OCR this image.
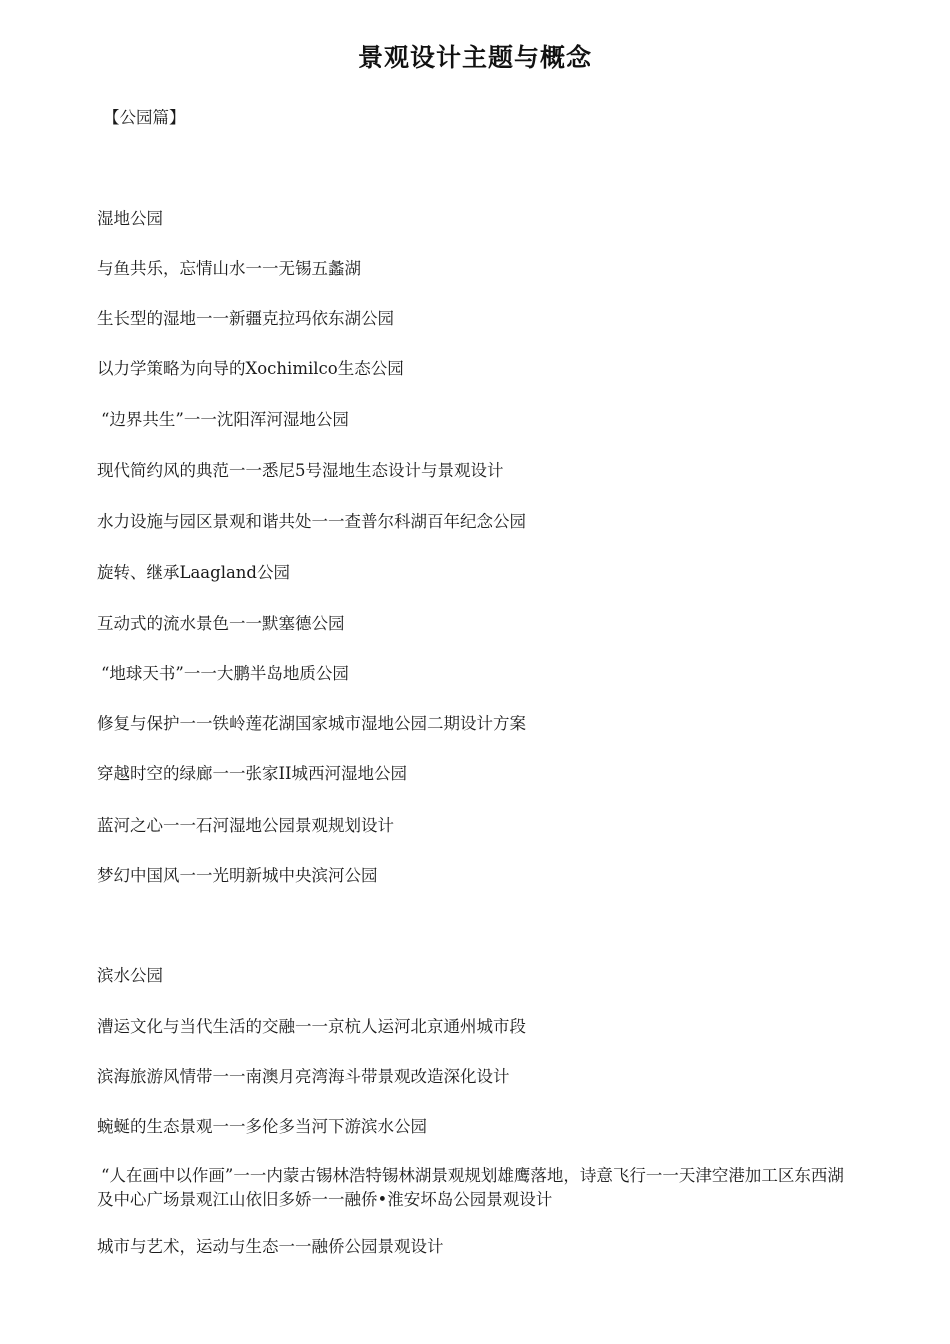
景观设计主题与概念
【公园篇】
湿地公园
与鱼共乐，忘情山水一一无锡五蠡湖
生长型的湿地一一新疆克拉玛依东湖公园
以力学策略为向导的Xochimilco生态公园
“边界共生”一一沈阳浑河湿地公园
现代简约风的典范一一悉尼5号湿地生态设计与景观设计
水力设施与园区景观和谐共处一一查普尔科湖百年纪念公园
旋转、继承Laagland公园
互动式的流水景色一一默塞德公园
“地球天书”一一大鹏半岛地质公园
修复与保护一一铁岭莲花湖国家城市湿地公园二期设计方案
穿越时空的绿廊一一张家II城西河湿地公园
蓝河之心一一石河湿地公园景观规划设计
梦幻中国风一一光明新城中央滨河公园
滨水公园
漕运文化与当代生活的交融一一京杭人运河北京通州城市段
滨海旅游风情带一一南澳月亮湾海斗带景观改造深化设计
蜿蜒的生态景观一一多伦多当河下游滨水公园
“人在画中以作画”一一内蒙古锡林浩特锡林湖景观规划雄鹰落地，诗意飞行一一天津空港加工区东西湖及中心广场景观江山依旧多娇一一融侨•淮安坏岛公园景观设计
城市与艺术，运动与生态一一融侨公园景观设计
